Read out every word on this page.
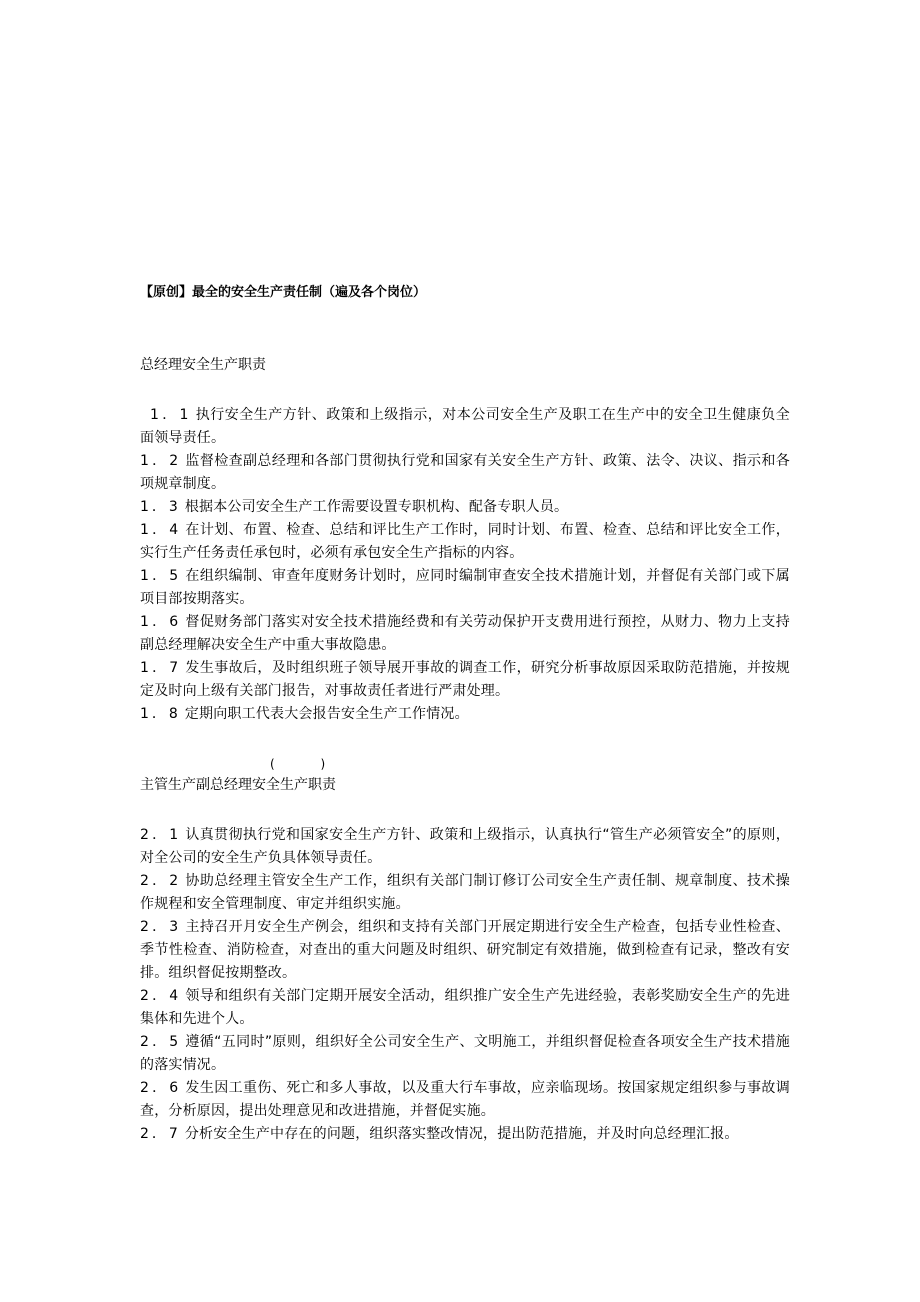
【原创】最全的安全生产责任制（遍及各个岗位）
总经理安全生产职责

1．1 执行安全生产方针、政策和上级指示，对本公司安全生产及职工在生产中的安全卫生健康负全面领导责任。

1．2 监督检查副总经理和各部门贯彻执行党和国家有关安全生产方针、政策、法令、决议、指示和各项规章制度。

1．3 根据本公司安全生产工作需要设置专职机构、配备专职人员。

1．4 在计划、布置、检查、总结和评比生产工作时，同时计划、布置、检查、总结和评比安全工作，实行生产任务责任承包时，必须有承包安全生产指标的内容。

1．5 在组织编制、审查年度财务计划时，应同时编制审查安全技术措施计划，并督促有关部门或下属项目部按期落实。

1．6 督促财务部门落实对安全技术措施经费和有关劳动保护开支费用进行预控，从财力、物力上支持副总经理解决安全生产中重大事故隐患。

1．7 发生事故后，及时组织班子领导展开事故的调查工作，研究分析事故原因采取防范措施，并按规定及时向上级有关部门报告，对事故责任者进行严肃处理。

1．8 定期向职工代表大会报告安全生产工作情况。

(            )
主管生产副总经理安全生产职责

2．1 认真贯彻执行党和国家安全生产方针、政策和上级指示，认真执行“管生产必须管安全”的原则，对全公司的安全生产负具体领导责任。

2．2 协助总经理主管安全生产工作，组织有关部门制订修订公司安全生产责任制、规章制度、技术操作规程和安全管理制度、审定并组织实施。

2．3 主持召开月安全生产例会，组织和支持有关部门开展定期进行安全生产检查，包括专业性检查、季节性检查、消防检查，对查出的重大问题及时组织、研究制定有效措施，做到检查有记录，整改有安排。组织督促按期整改。

2．4 领导和组织有关部门定期开展安全活动，组织推广安全生产先进经验，表彰奖励安全生产的先进集体和先进个人。

2．5 遵循“五同时”原则，组织好全公司安全生产、文明施工，并组织督促检查各项安全生产技术措施的落实情况。

2．6 发生因工重伤、死亡和多人事故，以及重大行车事故，应亲临现场。按国家规定组织参与事故调查，分析原因，提出处理意见和改进措施，并督促实施。

2．7 分析安全生产中存在的问题，组织落实整改情况，提出防范措施，并及时向总经理汇报。
